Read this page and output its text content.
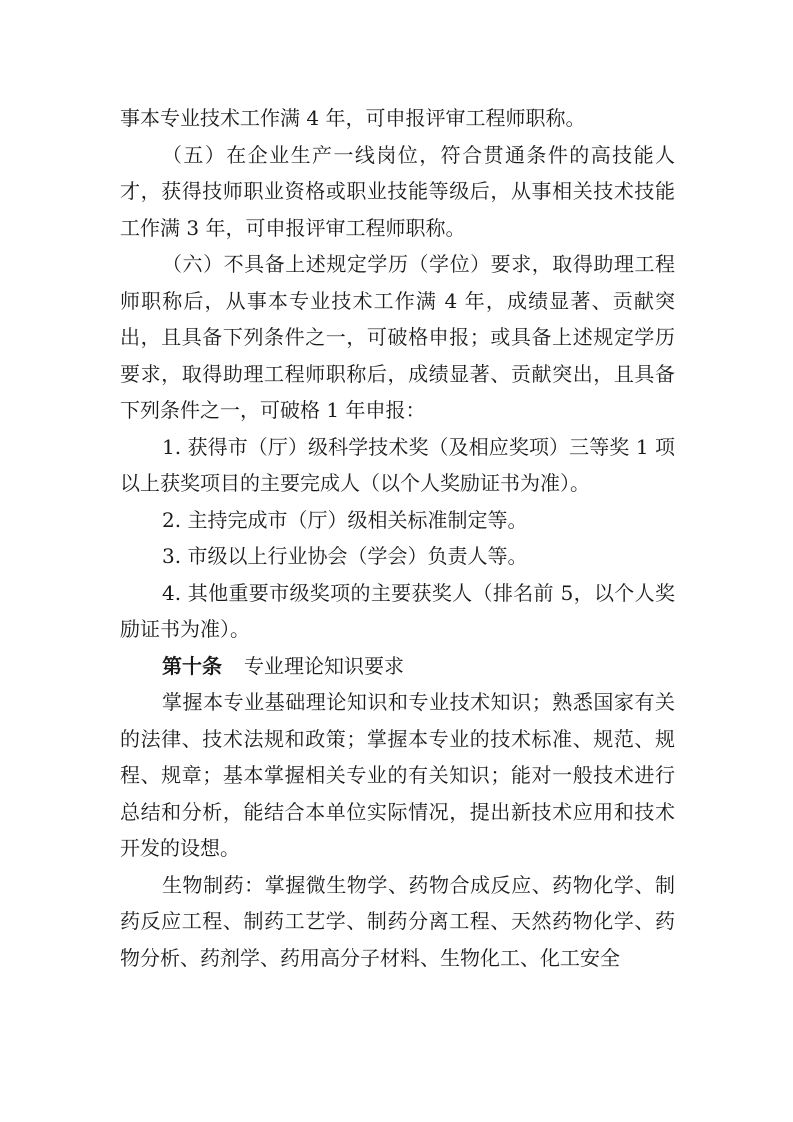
事本专业技术工作满 4 年，可申报评审工程师职称。

（五）在企业生产一线岗位，符合贯通条件的高技能人才，获得技师职业资格或职业技能等级后，从事相关技术技能工作满 3 年，可申报评审工程师职称。

（六）不具备上述规定学历（学位）要求，取得助理工程师职称后，从事本专业技术工作满 4 年，成绩显著、贡献突出，且具备下列条件之一，可破格申报；或具备上述规定学历要求，取得助理工程师职称后，成绩显著、贡献突出，且具备下列条件之一，可破格 1 年申报：

1. 获得市（厅）级科学技术奖（及相应奖项）三等奖 1 项以上获奖项目的主要完成人（以个人奖励证书为准）。

2. 主持完成市（厅）级相关标准制定等。

3. 市级以上行业协会（学会）负责人等。

4. 其他重要市级奖项的主要获奖人（排名前 5，以个人奖励证书为准）。

第十条 专业理论知识要求

掌握本专业基础理论知识和专业技术知识；熟悉国家有关的法律、技术法规和政策；掌握本专业的技术标准、规范、规程、规章；基本掌握相关专业的有关知识；能对一般技术进行总结和分析，能结合本单位实际情况，提出新技术应用和技术开发的设想。

生物制药：掌握微生物学、药物合成反应、药物化学、制药反应工程、制药工艺学、制药分离工程、天然药物化学、药物分析、药剂学、药用高分子材料、生物化工、化工安全
